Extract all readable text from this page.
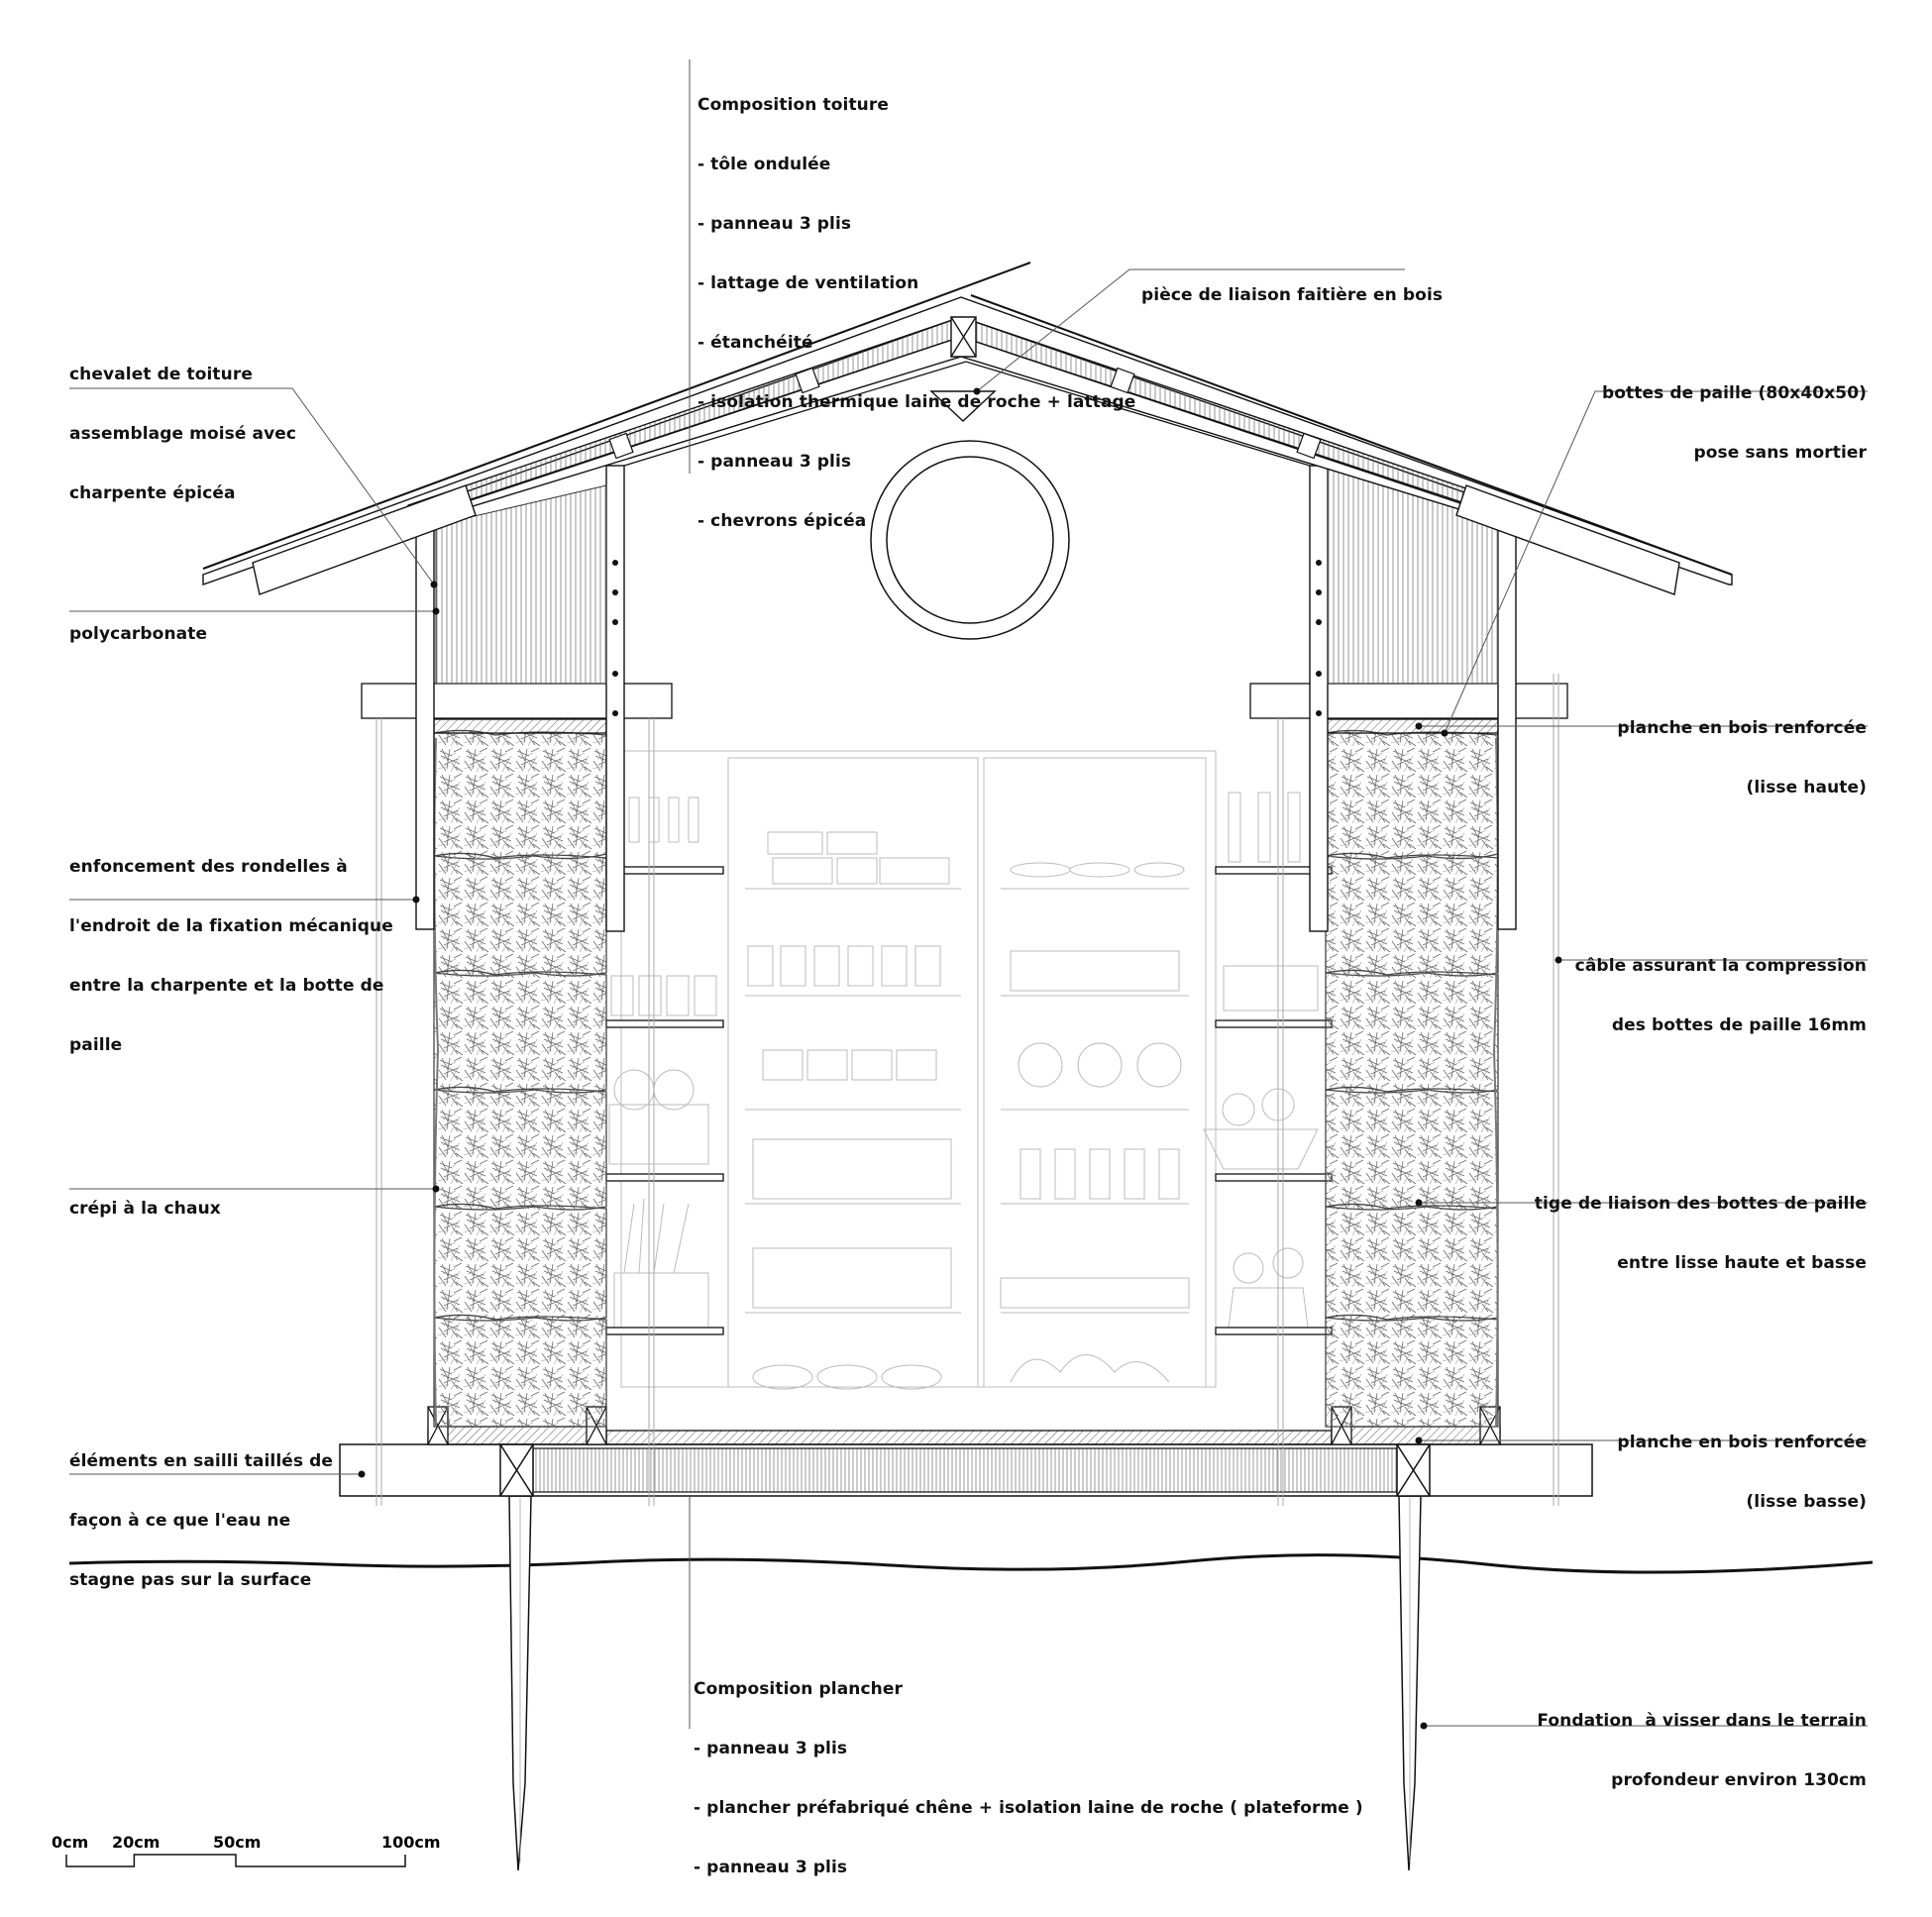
0cm 20cm	50cm	100cm

Composition toiture

- tôle ondulée

- panneau 3 plis

- lattage de ventilation

- étanchéité

- isolation thermique laine de roche + lattage

- panneau 3 plis

- chevrons épicéa

pièce de liaison faitière en bois

chevalet de toiture

assemblage moisé avec

charpente épicéa

bottes de paille (80x40x50)

pose sans mortier

polycarbonate

planche en bois renforcée

(lisse haute)

enfoncement des rondelles à

l'endroit de la fixation mécanique

entre la charpente et la botte de

paille

câble assurant la compression

des bottes de paille 16mm

crépi à la chaux

	tige de liaison des bottes de paille

entre lisse haute et basse

éléments en sailli taillés de

façon à ce que l'eau ne

stagne pas sur la surface

planche en bois renforcée

(lisse basse)

Composition plancher

- panneau 3 plis

- plancher préfabriqué chêne + isolation laine de roche ( plateforme )

- panneau 3 plis

Fondation  à visser dans le terrain

profondeur environ 130cm
